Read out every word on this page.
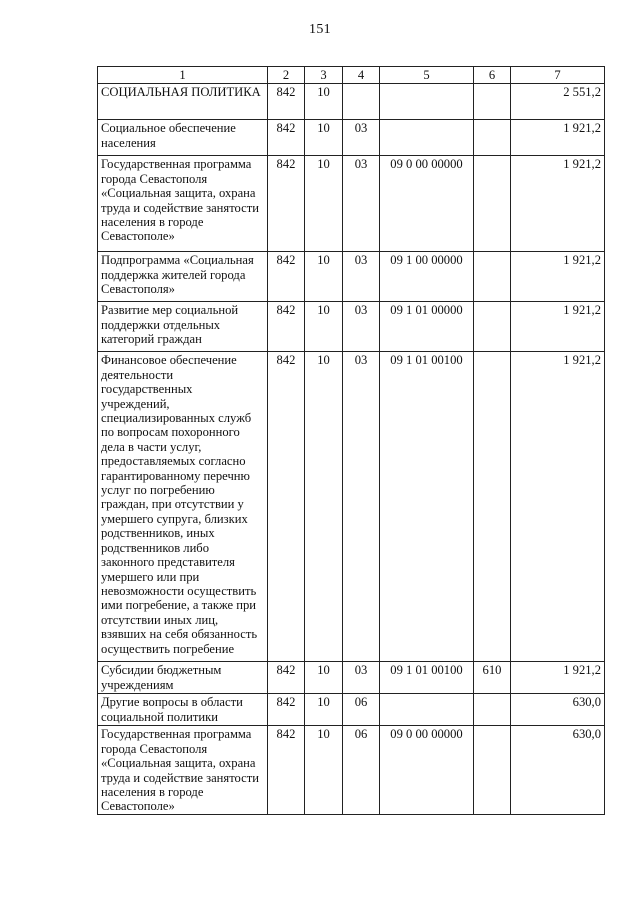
151
1	2	3	4	5	6	7
СОЦИАЛЬНАЯ ПОЛИТИКА	842	10				2 551,2
Социальное обеспечение населения	842	10	03			1 921,2
Государственная программа города Севастополя «Социальная защита, охрана труда и содействие занятости населения в городе Севастополе»	842	10	03	09 0 00 00000		1 921,2
Подпрограмма «Социальная поддержка жителей города Севастополя»	842	10	03	09 1 00 00000		1 921,2
Развитие мер социальной поддержки отдельных категорий граждан	842	10	03	09 1 01 00000		1 921,2
Финансовое обеспечение деятельности государственных учреждений, специализированных служб по вопросам похоронного дела в части услуг, предоставляемых согласно гарантированному перечню услуг по погребению граждан, при отсутствии у умершего супруга, близких родственников, иных родственников либо законного представителя умершего или при невозможности осуществить ими погребение, а также при отсутствии иных лиц, взявших на себя обязанность осуществить погребение	842	10	03	09 1 01 00100		1 921,2
Субсидии бюджетным учреждениям	842	10	03	09 1 01 00100	610	1 921,2
Другие вопросы в области социальной политики	842	10	06			630,0
Государственная программа города Севастополя «Социальная защита, охрана труда и содействие занятости населения в городе Севастополе»	842	10	06	09 0 00 00000		630,0
